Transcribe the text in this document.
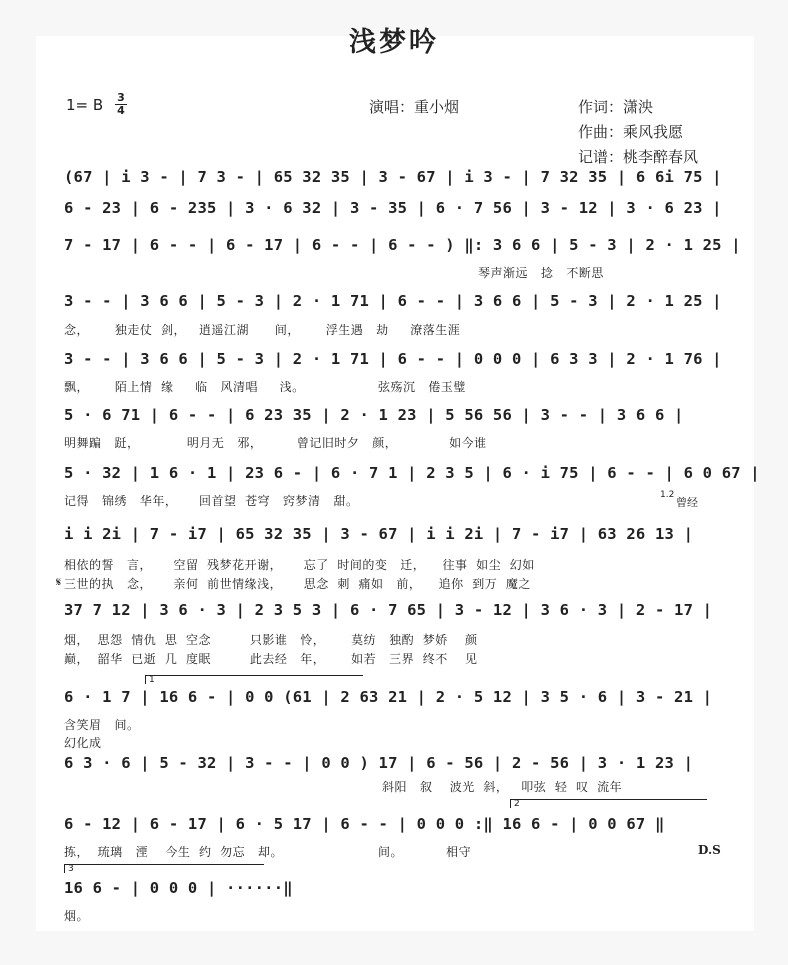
浅梦吟
1= B 3
4	演唱：重小烟	作词：潇泱
作曲：乘风我愿
记谱：桃李醉春风
(67 | i 3 - | 7 3 - | 65 32 35 | 3 - 67 | i 3 - | 7 32 35 | 6 6i 75 |
6 - 23 | 6 - 235 | 3 · 6 32 | 3 - 35 | 6 · 7 56 | 3 - 12 | 3 · 6 23 |
7 - 17 | 6 - - | 6 - 17 | 6 - - | 6 - - ) ‖: 3 6 6 | 5 - 3 | 2 · 1 25 |
琴声渐远   捻   不断思
3 - - | 3 6 6 | 5 - 3 | 2 · 1 71 | 6 - - | 3 6 6 | 5 - 3 | 2 · 1 25 |
念，      独走仗  剑，   逍遥江湖      间，      浮生遇   劫     潦落生涯
3 - - | 3 6 6 | 5 - 3 | 2 · 1 71 | 6 - - | 0 0 0 | 6 3 3 | 2 · 1 76 |
飘，      陌上情  缘     临   风清唱     浅。                 弦殇沉   倦玉璧
5 · 6 71 | 6 - - | 6 23 35 | 2 · 1 23 | 5 56 56 | 3 - - | 3 6 6 |
明舞蹁   跹，           明月无   邪，        曾记旧时夕   颜，            如今谁
5 · 32 | 1 6 · 1 | 23 6 - | 6 · 7 1 | 2 3 5 | 6 · i 75 | 6 - - | 6 0 67 |
记得   锦绣   华年，     回首望  苍穹   窍梦清   甜。	1.2
曾经
i i 2i | 7 - i7 | 65 32 35 | 3 - 67 | i i 2i | 7 - i7 | 63 26 13 |
相依的誓   言，     空留  残梦花开谢，     忘了  时间的变   迁，    往事  如尘  幻如
𝄋 三世的执   念，     亲何  前世情缘浅，     思念  刺  痛如   前，    追你  到万  魔之
37 7 12 | 3 6 · 3 | 2 3 5 3 | 6 · 7 65 | 3 - 12 | 3 6 · 3 | 2 - 17 |
烟，  思怨  情仇  思  空念         只影谁   怜，      莫纺   独酌  梦娇    颜
巅，  韶华  已逝  几  度眠         此去经   年，      如若   三界  终不    见
1
6 · 1 7 | 16 6 - | 0 0 (61 | 2 63 21 | 2 · 5 12 | 3 5 · 6 | 3 - 21 |
含笑眉   间。
幻化成
6 3 · 6 | 5 - 32 | 3 - - | 0 0 ) 17 | 6 - 56 | 2 - 56 | 3 · 1 23 |
斜阳   叙    波光  斜，   叩弦  轻  叹  流年
2
6 - 12 | 6 - 17 | 6 · 5 17 | 6 - - | 0 0 0 :‖ 16 6 - | 0 0 67 ‖
拣，  琉璃   湮    今生  约  勿忘   却。                      间。          相守	D.S
3
16 6 - | 0 0 0 | ······‖
烟。
